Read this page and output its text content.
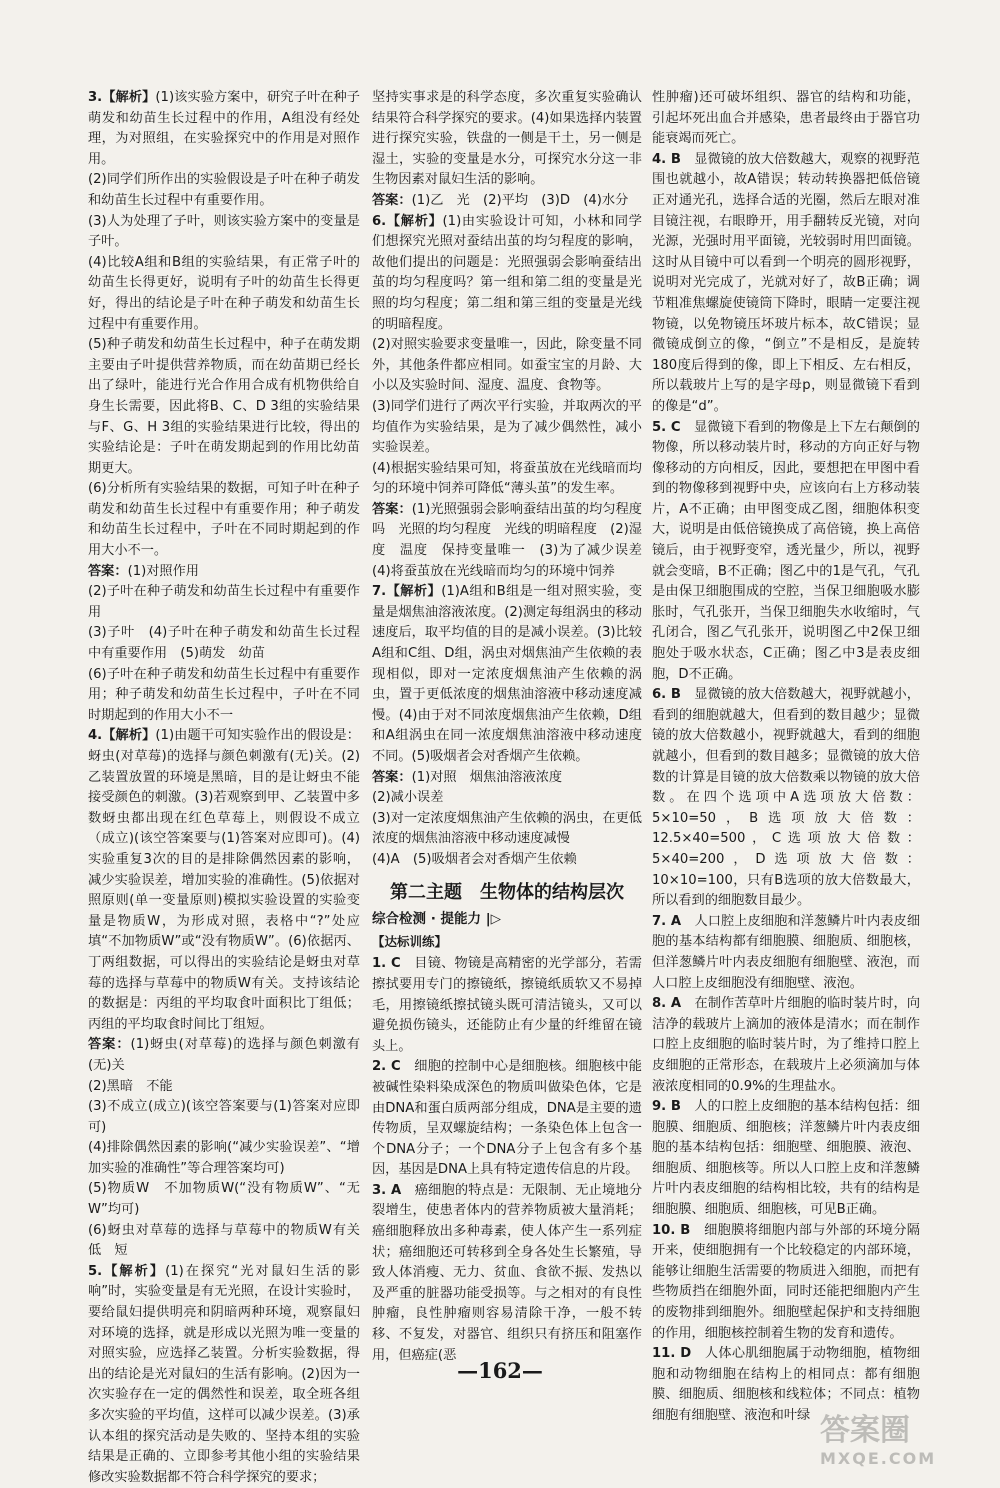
3.【解析】(1)该实验方案中，研究子叶在种子萌发和幼苗生长过程中的作用，A组没有经处理，为对照组，在实验探究中的作用是对照作用。

(2)同学们所作出的实验假设是子叶在种子萌发和幼苗生长过程中有重要作用。

(3)人为处理了子叶，则该实验方案中的变量是子叶。

(4)比较A组和B组的实验结果，有正常子叶的幼苗生长得更好，说明有子叶的幼苗生长得更好，得出的结论是子叶在种子萌发和幼苗生长过程中有重要作用。

(5)种子萌发和幼苗生长过程中，种子在萌发期主要由子叶提供营养物质，而在幼苗期已经长出了绿叶，能进行光合作用合成有机物供给自身生长需要，因此将B、C、D 3组的实验结果与F、G、H 3组的实验结果进行比较，得出的实验结论是：子叶在萌发期起到的作用比幼苗期更大。

(6)分析所有实验结果的数据，可知子叶在种子萌发和幼苗生长过程中有重要作用；种子萌发和幼苗生长过程中，子叶在不同时期起到的作用大小不一。

答案：(1)对照作用

(2)子叶在种子萌发和幼苗生长过程中有重要作用

(3)子叶　(4)子叶在种子萌发和幼苗生长过程中有重要作用　(5)萌发　幼苗

(6)子叶在种子萌发和幼苗生长过程中有重要作用；种子萌发和幼苗生长过程中，子叶在不同时期起到的作用大小不一

4.【解析】(1)由题干可知实验作出的假设是：蚜虫(对草莓)的选择与颜色刺激有(无)关。(2)乙装置放置的环境是黑暗，目的是让蚜虫不能接受颜色的刺激。(3)若观察到甲、乙装置中多数蚜虫都出现在红色草莓上，则假设不成立（成立)(该空答案要与(1)答案对应即可)。(4)实验重复3次的目的是排除偶然因素的影响，减少实验误差，增加实验的准确性。(5)依据对照原则(单一变量原则)模拟实验设置的实验变量是物质W，为形成对照，表格中“?”处应填“不加物质W”或“没有物质W”。(6)依据丙、丁两组数据，可以得出的实验结论是蚜虫对草莓的选择与草莓中的物质W有关。支持该结论的数据是：丙组的平均取食叶面积比丁组低；丙组的平均取食时间比丁组短。

答案：(1)蚜虫(对草莓)的选择与颜色刺激有(无)关

(2)黑暗　不能

(3)不成立(成立)(该空答案要与(1)答案对应即可)

(4)排除偶然因素的影响(“减少实验误差”、“增加实验的准确性”等合理答案均可)

(5)物质W　不加物质W(“没有物质W”、“无W”均可)

(6)蚜虫对草莓的选择与草莓中的物质W有关　低　短

5.【解析】(1)在探究“光对鼠妇生活的影响”时，实验变量是有无光照，在设计实验时，要给鼠妇提供明亮和阴暗两种环境，观察鼠妇对环境的选择，就是形成以光照为唯一变量的对照实验，应选择乙装置。分析实验数据，得出的结论是光对鼠妇的生活有影响。(2)因为一次实验存在一定的偶然性和误差，取全班各组多次实验的平均值，这样可以减少误差。(3)承认本组的探究活动是失败的、坚持本组的实验结果是正确的、立即参考其他小组的实验结果修改实验数据都不符合科学探究的要求；

坚持实事求是的科学态度，多次重复实验确认结果符合科学探究的要求。(4)如果选择内装置进行探究实验，铁盘的一侧是干土，另一侧是湿土，实验的变量是水分，可探究水分这一非生物因素对鼠妇生活的影响。

答案：(1)乙　光　(2)平均　(3)D　(4)水分

6.【解析】(1)由实验设计可知，小林和同学们想探究光照对蚕结出茧的均匀程度的影响，故他们提出的问题是：光照强弱会影响蚕结出茧的均匀程度吗？第一组和第二组的变量是光照的均匀程度；第二组和第三组的变量是光线的明暗程度。

(2)对照实验要求变量唯一，因此，除变量不同外，其他条件都应相同。如蚕宝宝的月龄、大小以及实验时间、湿度、温度、食物等。

(3)同学们进行了两次平行实验，并取两次的平均值作为实验结果，是为了减少偶然性，减小实验误差。

(4)根据实验结果可知，将蚕茧放在光线暗而均匀的环境中饲养可降低“薄头茧”的发生率。

答案：(1)光照强弱会影响蚕结出茧的均匀程度吗　光照的均匀程度　光线的明暗程度　(2)湿度　温度　保持变量唯一　(3)为了减少误差　(4)将蚕茧放在光线暗而均匀的环境中饲养

7.【解析】(1)A组和B组是一组对照实验，变量是烟焦油溶液浓度。(2)测定每组涡虫的移动速度后，取平均值的目的是减小误差。(3)比较A组和C组、D组，涡虫对烟焦油产生依赖的表现相似，即对一定浓度烟焦油产生依赖的涡虫，置于更低浓度的烟焦油溶液中移动速度减慢。(4)由于对不同浓度烟焦油产生依赖，D组和A组涡虫在同一浓度烟焦油溶液中移动速度不同。(5)吸烟者会对香烟产生依赖。

答案：(1)对照　烟焦油溶液浓度

(2)减小误差

(3)对一定浓度烟焦油产生依赖的涡虫，在更低浓度的烟焦油溶液中移动速度减慢

(4)A　(5)吸烟者会对香烟产生依赖

第二主题　生物体的结构层次
综合检测 · 提能力 |▷
【达标训练】

1. C　目镜、物镜是高精密的光学部分，若需擦拭要用专门的擦镜纸，擦镜纸质软又不易掉毛，用擦镜纸擦拭镜头既可清洁镜头，又可以避免损伤镜头，还能防止有少量的纤维留在镜头上。

2. C　细胞的控制中心是细胞核。细胞核中能被碱性染料染成深色的物质叫做染色体，它是由DNA和蛋白质两部分组成，DNA是主要的遗传物质，呈双螺旋结构；一条染色体上包含一个DNA分子；一个DNA分子上包含有多个基因，基因是DNA上具有特定遗传信息的片段。

3. A　癌细胞的特点是：无限制、无止境地分裂增生，使患者体内的营养物质被大量消耗；癌细胞释放出多种毒素，使人体产生一系列症状；癌细胞还可转移到全身各处生长繁殖，导致人体消瘦、无力、贫血、食欲不振、发热以及严重的脏器功能受损等。与之相对的有良性肿瘤，良性肿瘤则容易清除干净，一般不转移、不复发，对器官、组织只有挤压和阻塞作用，但癌症(恶

性肿瘤)还可破坏组织、器官的结构和功能，引起坏死出血合并感染，患者最终由于器官功能衰竭而死亡。

4. B　显微镜的放大倍数越大，观察的视野范围也就越小，故A错误；转动转换器把低倍镜正对通光孔，选择合适的光圈，然后左眼对准目镜注视，右眼睁开，用手翻转反光镜，对向光源，光强时用平面镜，光较弱时用凹面镜。这时从目镜中可以看到一个明亮的圆形视野，说明对光完成了，光就对好了，故B正确；调节粗准焦螺旋使镜筒下降时，眼睛一定要注视物镜，以免物镜压坏玻片标本，故C错误；显微镜成倒立的像，“倒立”不是相反，是旋转180度后得到的像，即上下相反、左右相反，所以载玻片上写的是字母p，则显微镜下看到的像是“d”。

5. C　显微镜下看到的物像是上下左右颠倒的物像，所以移动装片时，移动的方向正好与物像移动的方向相反，因此，要想把在甲图中看到的物像移到视野中央，应该向右上方移动装片，A不正确；由甲图变成乙图，细胞体积变大，说明是由低倍镜换成了高倍镜，换上高倍镜后，由于视野变窄，透光量少，所以，视野就会变暗，B不正确；图乙中的1是气孔，气孔是由保卫细胞围成的空腔，当保卫细胞吸水膨胀时，气孔张开，当保卫细胞失水收缩时，气孔闭合，图乙气孔张开，说明图乙中2保卫细胞处于吸水状态，C正确；图乙中3是表皮细胞，D不正确。

6. B　显微镜的放大倍数越大，视野就越小，看到的细胞就越大，但看到的数目越少；显微镜的放大倍数越小，视野就越大，看到的细胞就越小，但看到的数目越多；显微镜的放大倍数的计算是目镜的放大倍数乘以物镜的放大倍数。在四个选项中A选项放大倍数：5×10=50，B选项放大倍数：12.5×40=500，C选项放大倍数：5×40=200，D选项放大倍数：10×10=100，只有B选项的放大倍数最大，所以看到的细胞数目最少。

7. A　人口腔上皮细胞和洋葱鳞片叶内表皮细胞的基本结构都有细胞膜、细胞质、细胞核，但洋葱鳞片叶内表皮细胞有细胞壁、液泡，而人口腔上皮细胞没有细胞壁、液泡。

8. A　在制作苦草叶片细胞的临时装片时，向洁净的载玻片上滴加的液体是清水；而在制作口腔上皮细胞的临时装片时，为了维持口腔上皮细胞的正常形态，在载玻片上必须滴加与体液浓度相同的0.9%的生理盐水。

9. B　人的口腔上皮细胞的基本结构包括：细胞膜、细胞质、细胞核；洋葱鳞片叶内表皮细胞的基本结构包括：细胞壁、细胞膜、液泡、细胞质、细胞核等。所以人口腔上皮和洋葱鳞片叶内表皮细胞的结构相比较，共有的结构是细胞膜、细胞质、细胞核，可见B正确。

10. B　细胞膜将细胞内部与外部的环境分隔开来，使细胞拥有一个比较稳定的内部环境，能够让细胞生活需要的物质进入细胞，而把有些物质挡在细胞外面，同时还能把细胞内产生的废物排到细胞外。细胞壁起保护和支持细胞的作用，细胞核控制着生物的发育和遗传。

11. D　人体心肌细胞属于动物细胞，植物细胞和动物细胞在结构上的相同点：都有细胞膜、细胞质、细胞核和线粒体；不同点：植物细胞有细胞壁、液泡和叶绿

—162—
答案圈
MXQE.COM
